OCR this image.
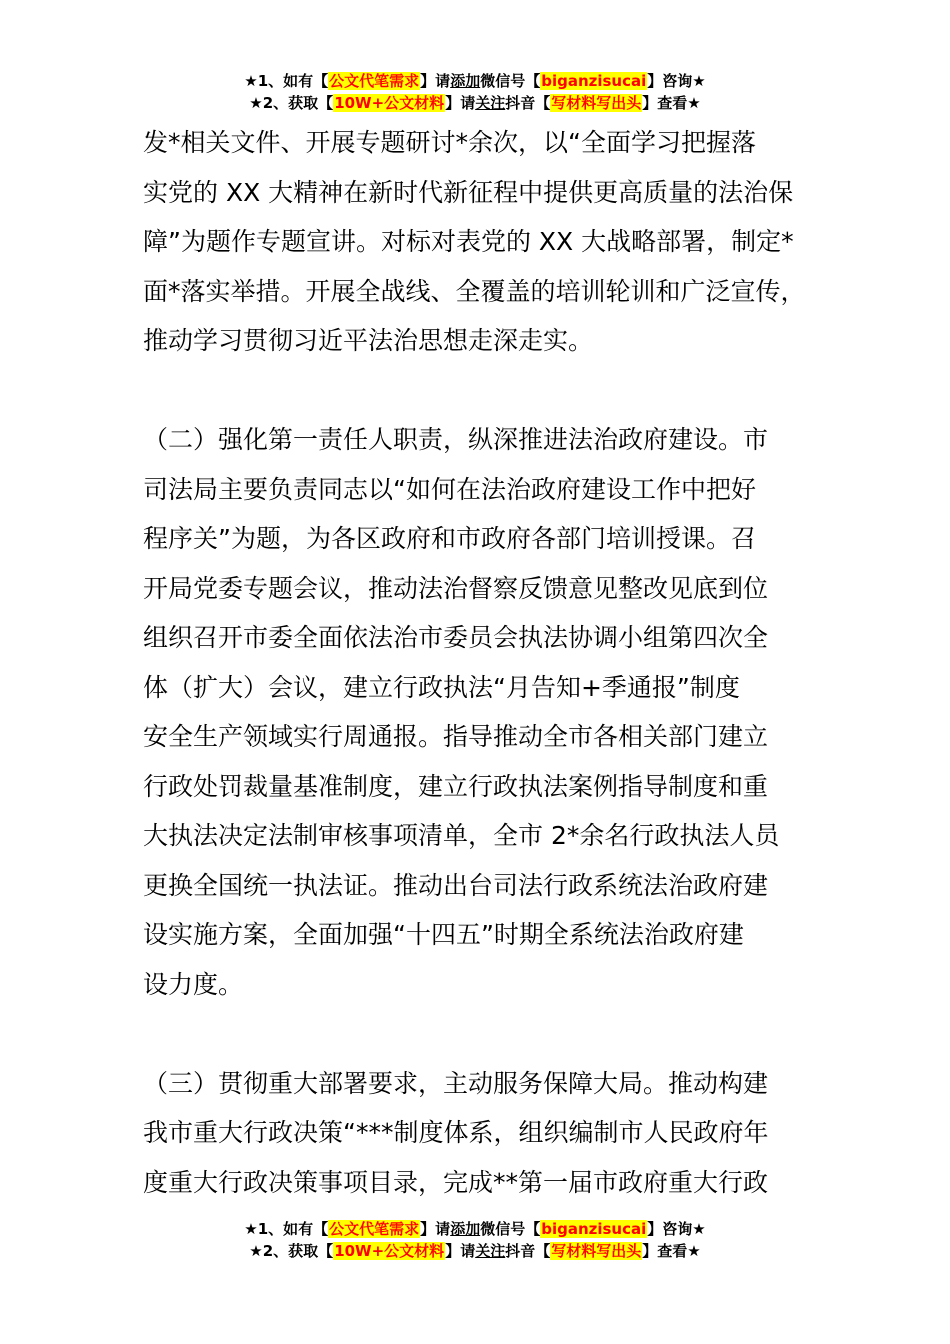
★1、如有【公文代笔需求】请添加微信号【biganzisucai】咨询★
★2、获取【10W+公文材料】请关注抖音【写材料写出头】查看★
发*相关文件、开展专题研讨*余次，以“全面学习把握落
实党的 XX 大精神在新时代新征程中提供更高质量的法治保
障”为题作专题宣讲。对标对表党的 XX 大战略部署，制定*
面*落实举措。开展全战线、全覆盖的培训轮训和广泛宣传，
推动学习贯彻习近平法治思想走深走实。
（二）强化第一责任人职责，纵深推进法治政府建设。市
司法局主要负责同志以“如何在法治政府建设工作中把好
程序关”为题，为各区政府和市政府各部门培训授课。召
开局党委专题会议，推动法治督察反馈意见整改见底到位
组织召开市委全面依法治市委员会执法协调小组第四次全
体（扩大）会议，建立行政执法“月告知+季通报”制度
安全生产领域实行周通报。指导推动全市各相关部门建立
行政处罚裁量基准制度，建立行政执法案例指导制度和重
大执法决定法制审核事项清单，全市 2*余名行政执法人员
更换全国统一执法证。推动出台司法行政系统法治政府建
设实施方案，全面加强“十四五”时期全系统法治政府建
设力度。
（三）贯彻重大部署要求，主动服务保障大局。推动构建
我市重大行政决策“***制度体系，组织编制市人民政府年
度重大行政决策事项目录，完成**第一届市政府重大行政
★1、如有【公文代笔需求】请添加微信号【biganzisucai】咨询★
★2、获取【10W+公文材料】请关注抖音【写材料写出头】查看★
